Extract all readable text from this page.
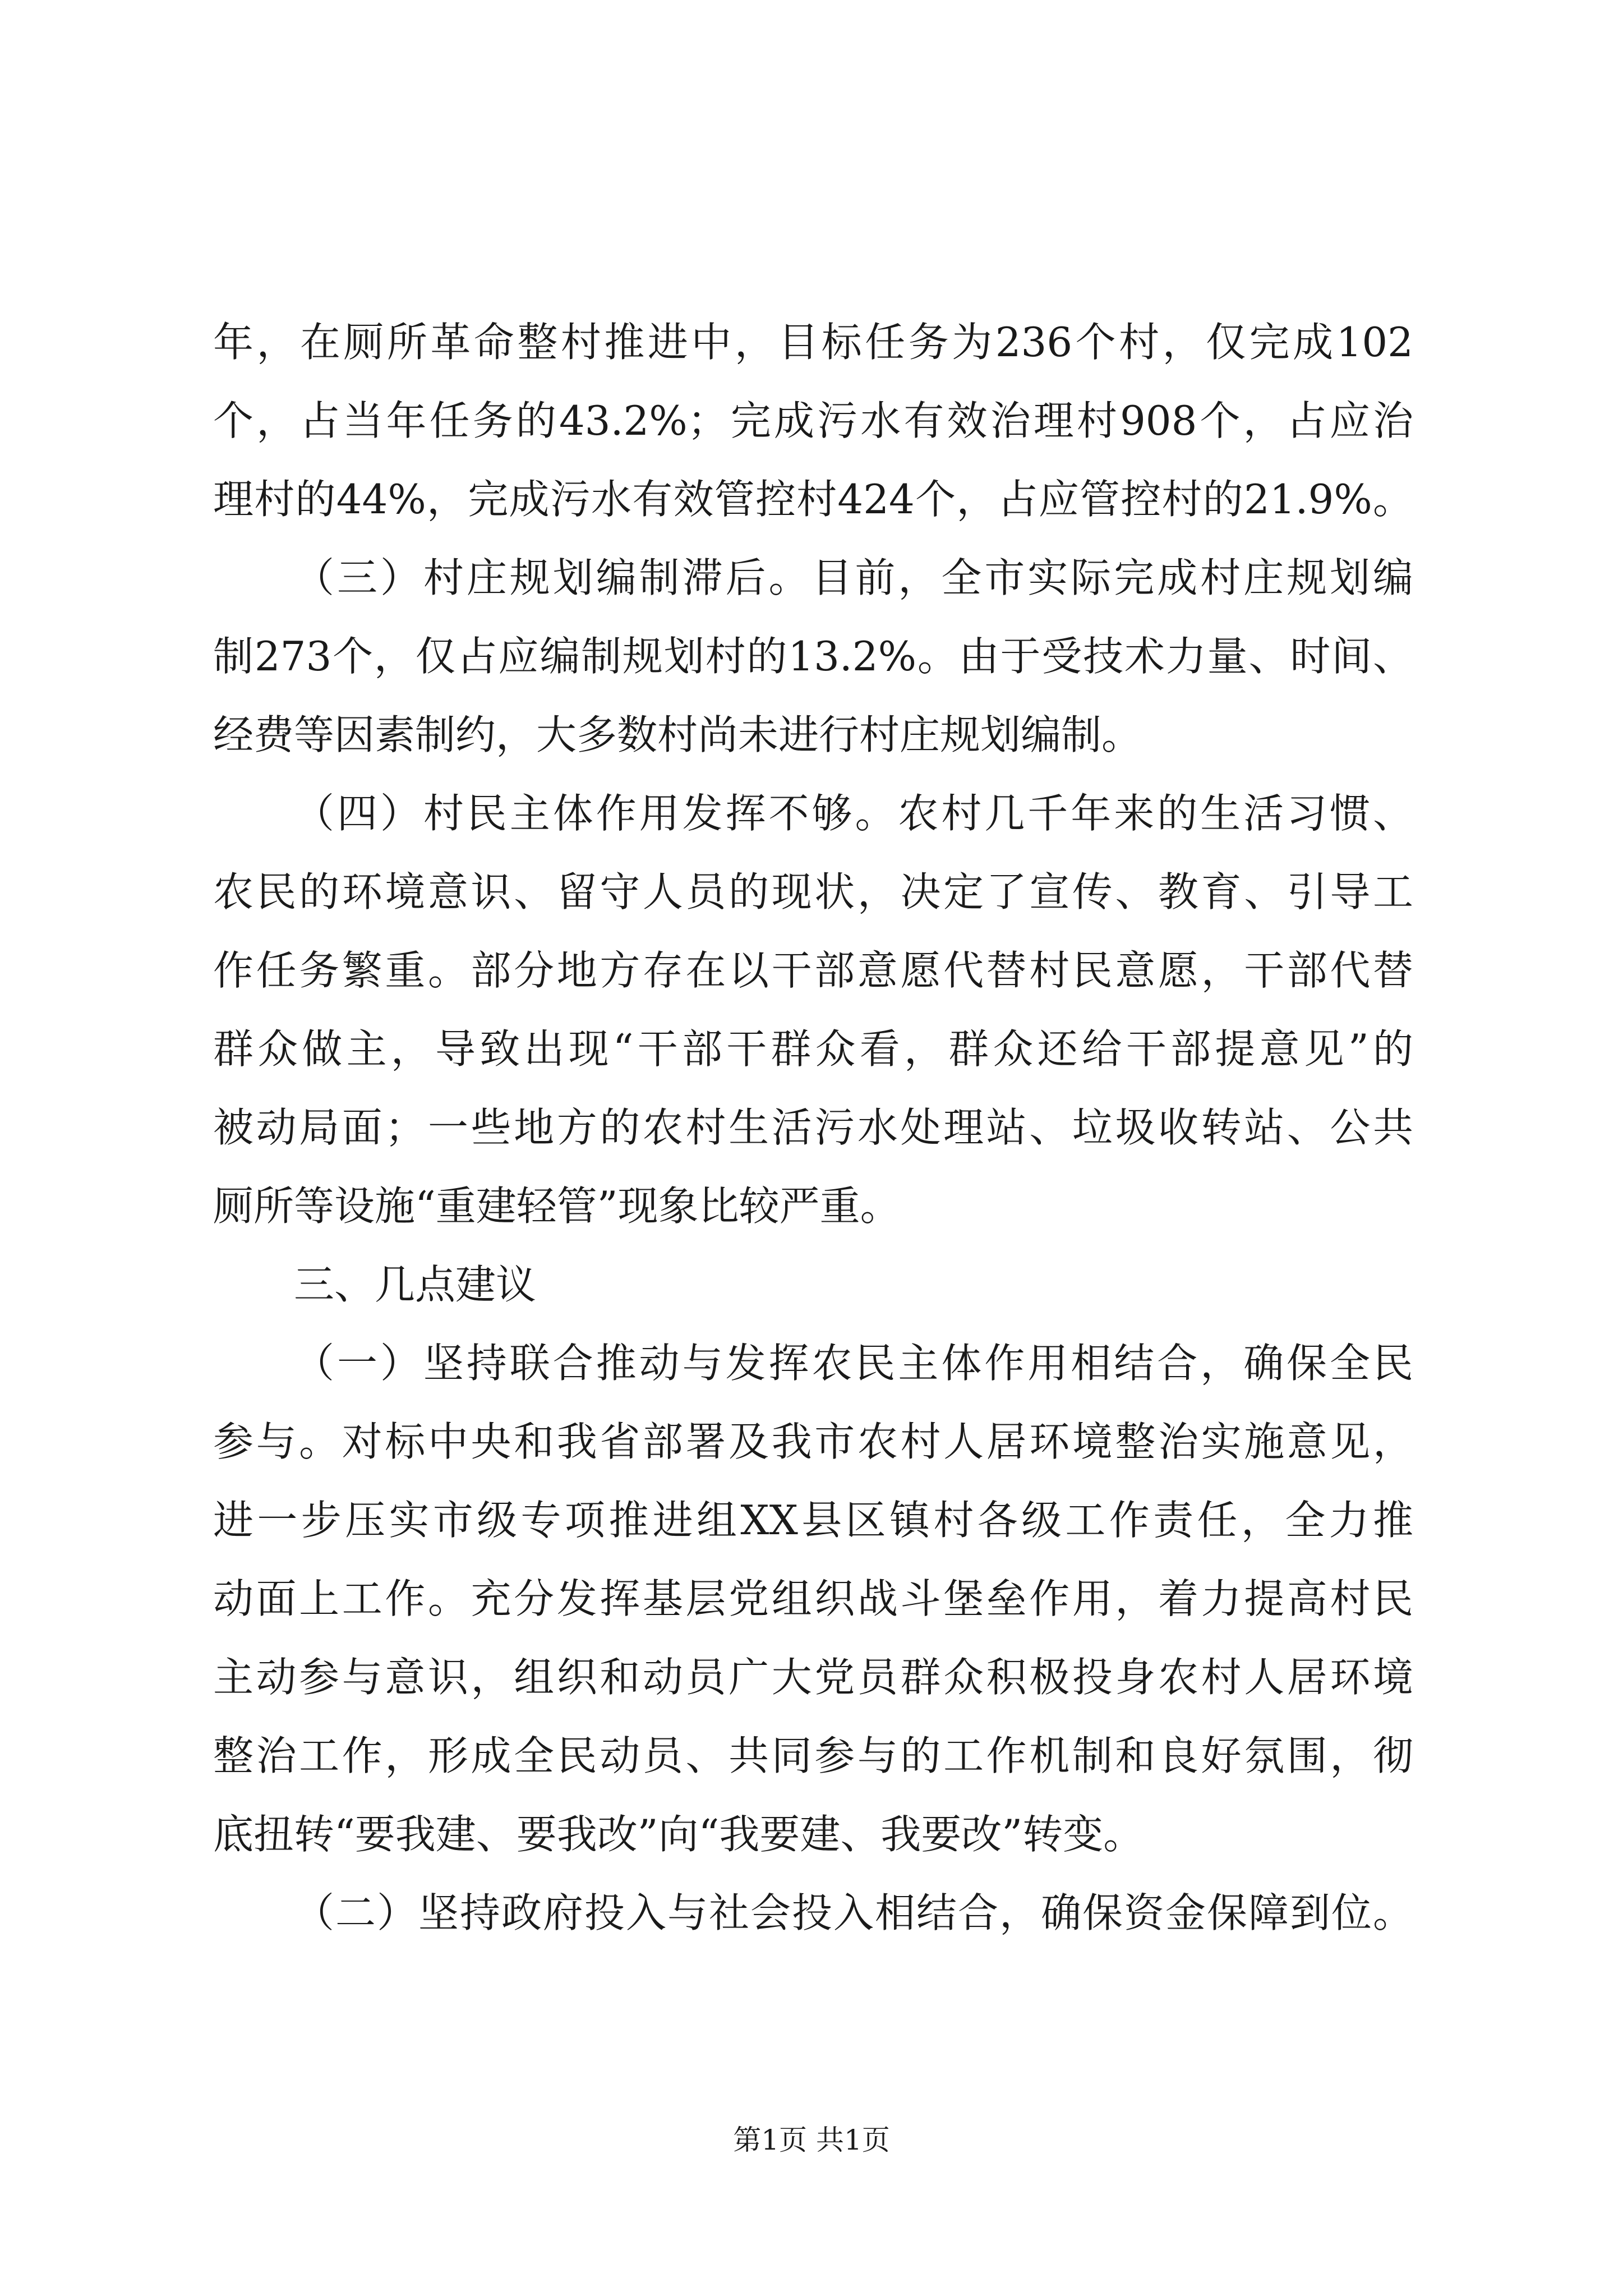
年，在厕所革命整村推进中，目标任务为236个村，仅完成102
个，占当年任务的43.2%；完成污水有效治理村908个，占应治
理村的44%，完成污水有效管控村424个，占应管控村的21.9%。
（三）村庄规划编制滞后。目前，全市实际完成村庄规划编
制273个，仅占应编制规划村的13.2%。由于受技术力量、时间、
经费等因素制约，大多数村尚未进行村庄规划编制。
（四）村民主体作用发挥不够。农村几千年来的生活习惯、
农民的环境意识、留守人员的现状，决定了宣传、教育、引导工
作任务繁重。部分地方存在以干部意愿代替村民意愿，干部代替
群众做主，导致出现“干部干群众看，群众还给干部提意见”的
被动局面；一些地方的农村生活污水处理站、垃圾收转站、公共
厕所等设施“重建轻管”现象比较严重。
三、几点建议
（一）坚持联合推动与发挥农民主体作用相结合，确保全民
参与。对标中央和我省部署及我市农村人居环境整治实施意见，
进一步压实市级专项推进组XX县区镇村各级工作责任，全力推
动面上工作。充分发挥基层党组织战斗堡垒作用，着力提高村民
主动参与意识，组织和动员广大党员群众积极投身农村人居环境
整治工作，形成全民动员、共同参与的工作机制和良好氛围，彻
底扭转“要我建、要我改”向“我要建、我要改”转变。
（二）坚持政府投入与社会投入相结合，确保资金保障到位。
第1页 共1页
